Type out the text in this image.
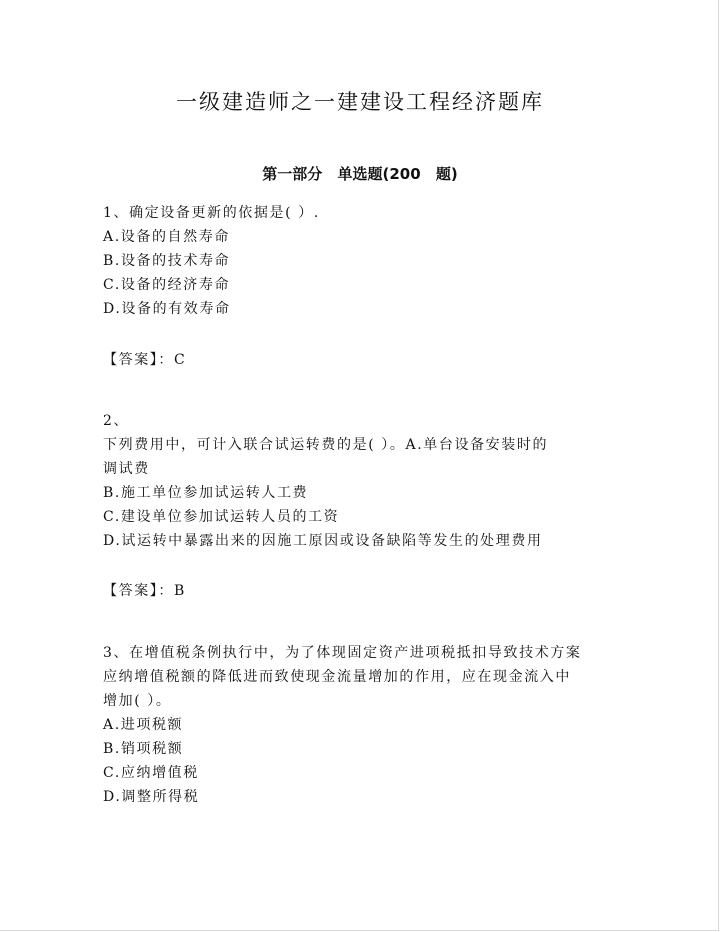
一级建造师之一建建设工程经济题库
第一部分 单选题(200 题)
1、确定设备更新的依据是( ）.
A.设备的自然寿命
B.设备的技术寿命
C.设备的经济寿命
D.设备的有效寿命
【答案】：C
2、
下列费用中，可计入联合试运转费的是( ）。A.单台设备安装时的
调试费
B.施工单位参加试运转人工费
C.建设单位参加试运转人员的工资
D.试运转中暴露出来的因施工原因或设备缺陷等发生的处理费用
【答案】：B
3、在增值税条例执行中，为了体现固定资产进项税抵扣导致技术方案
应纳增值税额的降低进而致使现金流量增加的作用，应在现金流入中
增加( ）。
A.进项税额
B.销项税额
C.应纳增值税
D.调整所得税
